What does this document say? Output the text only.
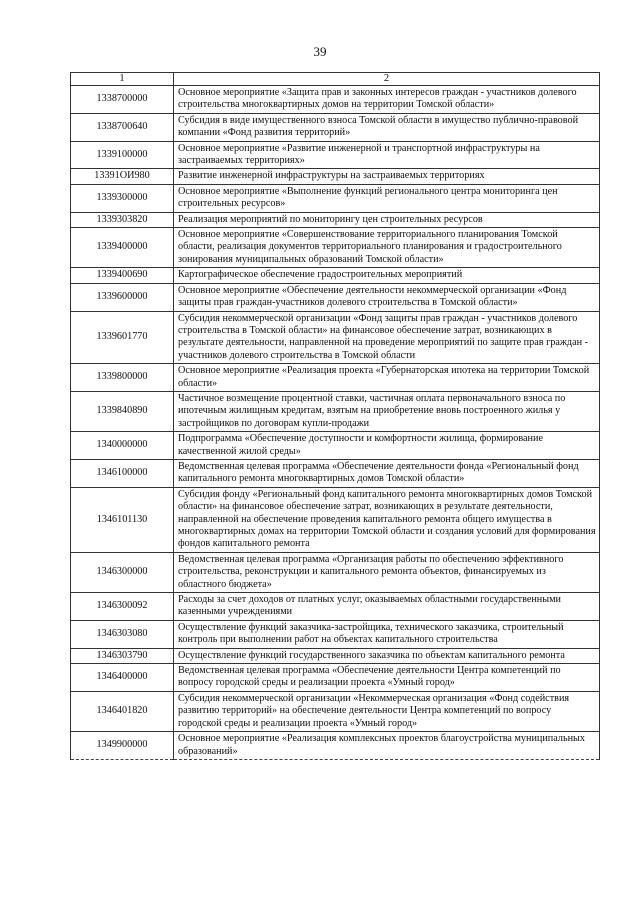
39
1	2
1338700000	Основное мероприятие «Защита прав и законных интересов граждан - участников долевого строительства многоквартирных домов на территории Томской области»
1338700640	Субсидия в виде имущественного взноса Томской области в имущество публично-правовой компании «Фонд развития территорий»
1339100000	Основное мероприятие «Развитие инженерной и транспортной инфраструктуры на застраиваемых территориях»
13391ОИ980	Развитие инженерной инфраструктуры на застраиваемых территориях
1339300000	Основное мероприятие «Выполнение функций регионального центра мониторинга цен строительных ресурсов»
1339303820	Реализация мероприятий по мониторингу цен строительных ресурсов
1339400000	Основное мероприятие «Совершенствование территориального планирования Томской области, реализация документов территориального планирования и градостроительного зонирования муниципальных образований Томской области»
1339400690	Картографическое обеспечение градостроительных мероприятий
1339600000	Основное мероприятие «Обеспечение деятельности некоммерческой организации «Фонд защиты прав граждан-участников долевого строительства в Томской области»
1339601770	Субсидия некоммерческой организации «Фонд защиты прав граждан - участников долевого строительства в Томской области» на финансовое обеспечение затрат, возникающих в результате деятельности, направленной на проведение мероприятий по защите прав граждан - участников долевого строительства в Томской области
1339800000	Основное мероприятие «Реализация проекта «Губернаторская ипотека на территории Томской области»
1339840890	Частичное возмещение процентной ставки, частичная оплата первоначального взноса по ипотечным жилищным кредитам, взятым на приобретение вновь построенного жилья у застройщиков по договорам купли-продажи
1340000000	Подпрограмма «Обеспечение доступности и комфортности жилища, формирование качественной жилой среды»
1346100000	Ведомственная целевая программа «Обеспечение деятельности фонда «Региональный фонд капитального ремонта многоквартирных домов Томской области»
1346101130	Субсидия фонду «Региональный фонд капитального ремонта многоквартирных домов Томской области» на финансовое обеспечение затрат, возникающих в результате деятельности, направленной на обеспечение проведения капитального ремонта общего имущества в многоквартирных домах на территории Томской области и создания условий для формирования фондов капитального ремонта
1346300000	Ведомственная целевая программа «Организация работы по обеспечению эффективного строительства, реконструкции и капитального ремонта объектов, финансируемых из областного бюджета»
1346300092	Расходы за счет доходов от платных услуг, оказываемых областными государственными казенными учреждениями
1346303080	Осуществление функций заказчика-застройщика, технического заказчика, строительный контроль при выполнении работ на объектах капитального строительства
1346303790	Осуществление функций государственного заказчика по объектам капитального ремонта
1346400000	Ведомственная целевая программа «Обеспечение деятельности Центра компетенций по вопросу городской среды и реализации проекта «Умный город»
1346401820	Субсидия некоммерческой организации «Некоммерческая организация «Фонд содействия развитию территорий» на обеспечение деятельности Центра компетенций по вопросу городской среды и реализации проекта «Умный город»
1349900000	Основное мероприятие «Реализация комплексных проектов благоустройства муниципальных образований»
